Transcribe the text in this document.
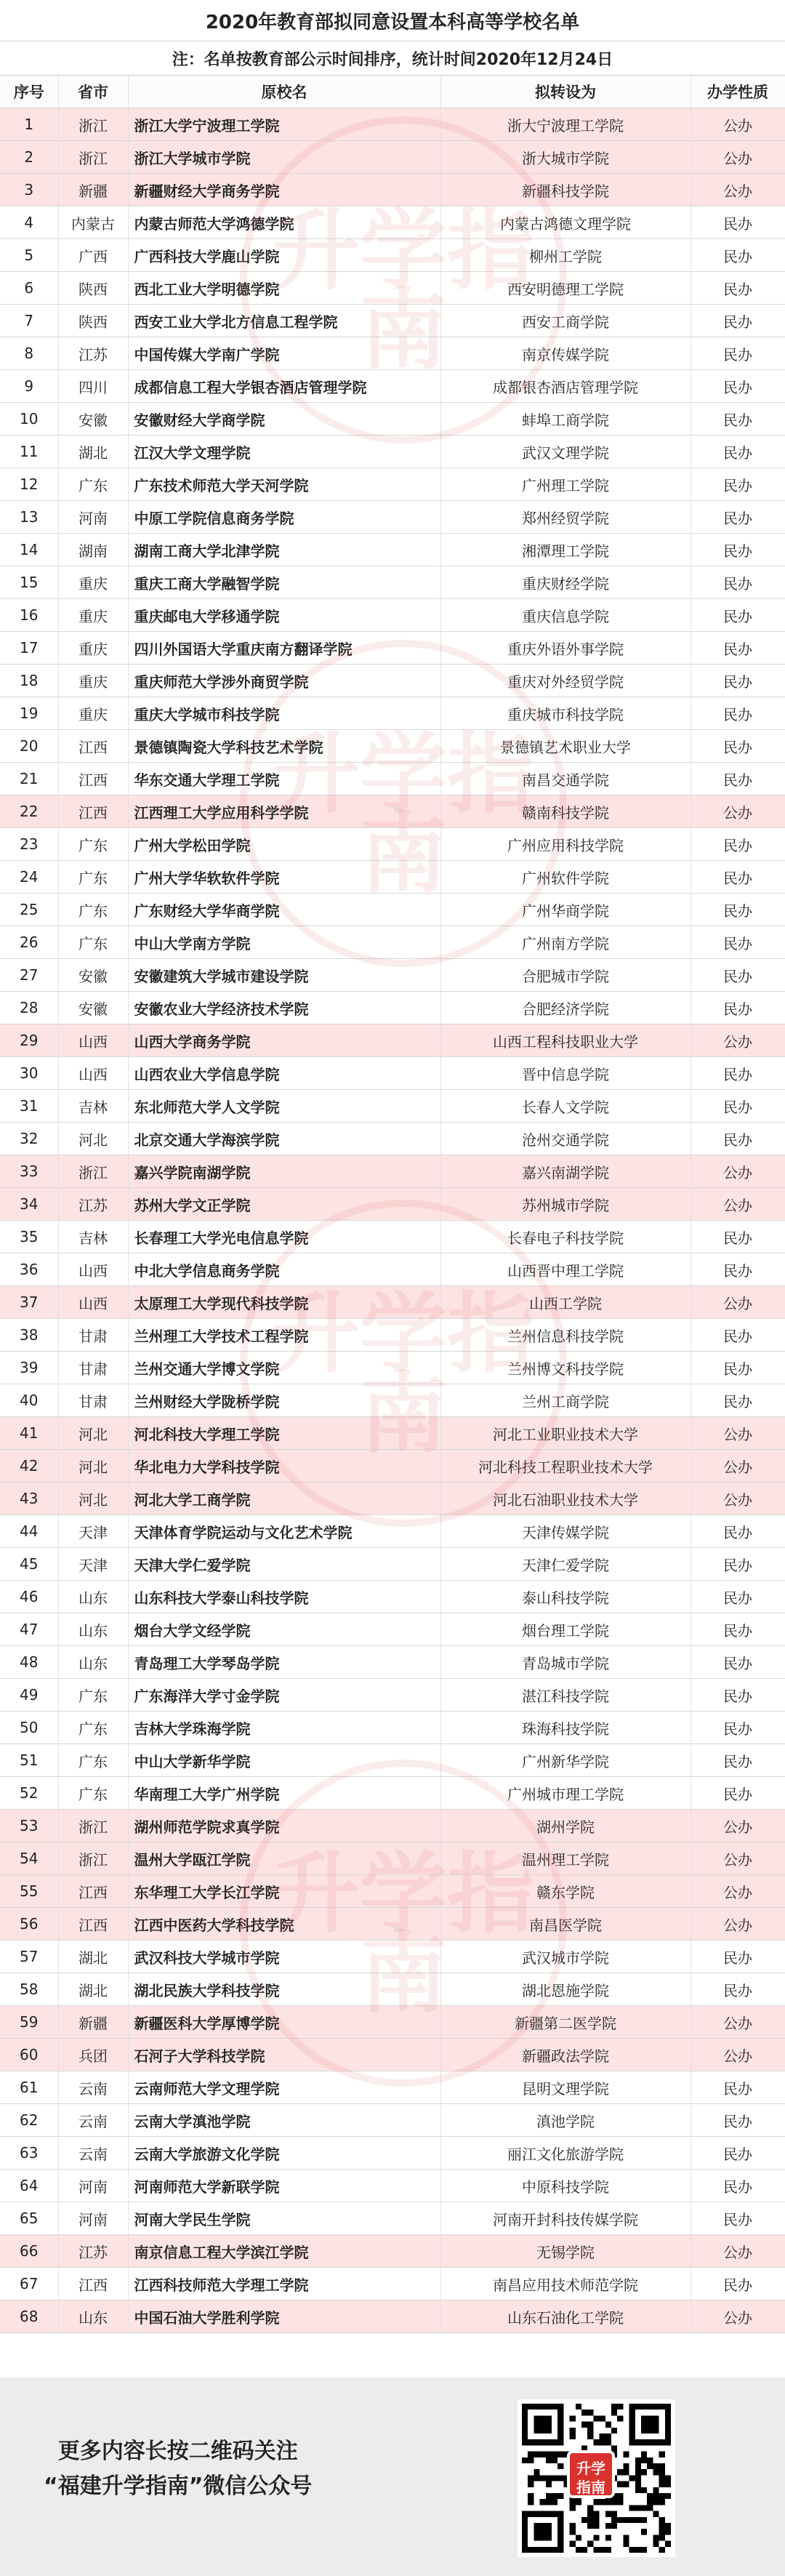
2020年教育部拟同意设置本科高等学校名单
注：名单按教育部公示时间排序，统计时间2020年12月24日
序号	省市	原校名	拟转设为	办学性质
1	浙江	浙江大学宁波理工学院	浙大宁波理工学院	公办
2	浙江	浙江大学城市学院	浙大城市学院	公办
3	新疆	新疆财经大学商务学院	新疆科技学院	公办
4	内蒙古	内蒙古师范大学鸿德学院	内蒙古鸿德文理学院	民办
5	广西	广西科技大学鹿山学院	柳州工学院	民办
6	陕西	西北工业大学明德学院	西安明德理工学院	民办
7	陕西	西安工业大学北方信息工程学院	西安工商学院	民办
8	江苏	中国传媒大学南广学院	南京传媒学院	民办
9	四川	成都信息工程大学银杏酒店管理学院	成都银杏酒店管理学院	民办
10	安徽	安徽财经大学商学院	蚌埠工商学院	民办
11	湖北	江汉大学文理学院	武汉文理学院	民办
12	广东	广东技术师范大学天河学院	广州理工学院	民办
13	河南	中原工学院信息商务学院	郑州经贸学院	民办
14	湖南	湖南工商大学北津学院	湘潭理工学院	民办
15	重庆	重庆工商大学融智学院	重庆财经学院	民办
16	重庆	重庆邮电大学移通学院	重庆信息学院	民办
17	重庆	四川外国语大学重庆南方翻译学院	重庆外语外事学院	民办
18	重庆	重庆师范大学涉外商贸学院	重庆对外经贸学院	民办
19	重庆	重庆大学城市科技学院	重庆城市科技学院	民办
20	江西	景德镇陶瓷大学科技艺术学院	景德镇艺术职业大学	民办
21	江西	华东交通大学理工学院	南昌交通学院	民办
22	江西	江西理工大学应用科学学院	赣南科技学院	公办
23	广东	广州大学松田学院	广州应用科技学院	民办
24	广东	广州大学华软软件学院	广州软件学院	民办
25	广东	广东财经大学华商学院	广州华商学院	民办
26	广东	中山大学南方学院	广州南方学院	民办
27	安徽	安徽建筑大学城市建设学院	合肥城市学院	民办
28	安徽	安徽农业大学经济技术学院	合肥经济学院	民办
29	山西	山西大学商务学院	山西工程科技职业大学	公办
30	山西	山西农业大学信息学院	晋中信息学院	民办
31	吉林	东北师范大学人文学院	长春人文学院	民办
32	河北	北京交通大学海滨学院	沧州交通学院	民办
33	浙江	嘉兴学院南湖学院	嘉兴南湖学院	公办
34	江苏	苏州大学文正学院	苏州城市学院	公办
35	吉林	长春理工大学光电信息学院	长春电子科技学院	民办
36	山西	中北大学信息商务学院	山西晋中理工学院	民办
37	山西	太原理工大学现代科技学院	山西工学院	公办
38	甘肃	兰州理工大学技术工程学院	兰州信息科技学院	民办
39	甘肃	兰州交通大学博文学院	兰州博文科技学院	民办
40	甘肃	兰州财经大学陇桥学院	兰州工商学院	民办
41	河北	河北科技大学理工学院	河北工业职业技术大学	公办
42	河北	华北电力大学科技学院	河北科技工程职业技术大学	公办
43	河北	河北大学工商学院	河北石油职业技术大学	公办
44	天津	天津体育学院运动与文化艺术学院	天津传媒学院	民办
45	天津	天津大学仁爱学院	天津仁爱学院	民办
46	山东	山东科技大学泰山科技学院	泰山科技学院	民办
47	山东	烟台大学文经学院	烟台理工学院	民办
48	山东	青岛理工大学琴岛学院	青岛城市学院	民办
49	广东	广东海洋大学寸金学院	湛江科技学院	民办
50	广东	吉林大学珠海学院	珠海科技学院	民办
51	广东	中山大学新华学院	广州新华学院	民办
52	广东	华南理工大学广州学院	广州城市理工学院	民办
53	浙江	湖州师范学院求真学院	湖州学院	公办
54	浙江	温州大学瓯江学院	温州理工学院	公办
55	江西	东华理工大学长江学院	赣东学院	公办
56	江西	江西中医药大学科技学院	南昌医学院	公办
57	湖北	武汉科技大学城市学院	武汉城市学院	民办
58	湖北	湖北民族大学科技学院	湖北恩施学院	民办
59	新疆	新疆医科大学厚博学院	新疆第二医学院	公办
60	兵团	石河子大学科技学院	新疆政法学院	公办
61	云南	云南师范大学文理学院	昆明文理学院	民办
62	云南	云南大学滇池学院	滇池学院	民办
63	云南	云南大学旅游文化学院	丽江文化旅游学院	民办
64	河南	河南师范大学新联学院	中原科技学院	民办
65	河南	河南大学民生学院	河南开封科技传媒学院	民办
66	江苏	南京信息工程大学滨江学院	无锡学院	公办
67	江西	江西科技师范大学理工学院	南昌应用技术师范学院	民办
68	山东	中国石油大学胜利学院	山东石油化工学院	公办
更多内容长按二维码关注
“福建升学指南”微信公众号
升学指南
